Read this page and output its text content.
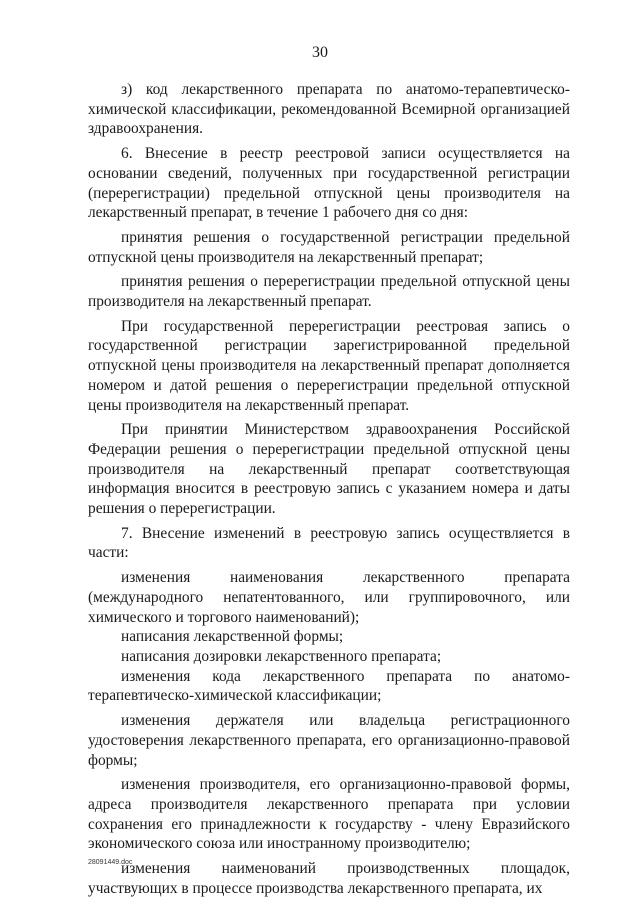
30

з) код лекарственного препарата по анатомо-терапевтическо-химической классификации, рекомендованной Всемирной организацией здравоохранения.

6. Внесение в реестр реестровой записи осуществляется на основании сведений, полученных при государственной регистрации (перерегистрации) предельной отпускной цены производителя на лекарственный препарат, в течение 1 рабочего дня со дня:

принятия решения о государственной регистрации предельной отпускной цены производителя на лекарственный препарат;

принятия решения о перерегистрации предельной отпускной цены производителя на лекарственный препарат.

При государственной перерегистрации реестровая запись о государственной регистрации зарегистрированной предельной отпускной цены производителя на лекарственный препарат дополняется номером и датой решения о перерегистрации предельной отпускной цены производителя на лекарственный препарат.

При принятии Министерством здравоохранения Российской Федерации решения о перерегистрации предельной отпускной цены производителя на лекарственный препарат соответствующая информация вносится в реестровую запись с указанием номера и даты решения о перерегистрации.

7. Внесение изменений в реестровую запись осуществляется в части:

изменения наименования лекарственного препарата (международного непатентованного, или группировочного, или химического и торгового наименований);

написания лекарственной формы;

написания дозировки лекарственного препарата;

изменения кода лекарственного препарата по анатомо-терапевтическо-химической классификации;

изменения держателя или владельца регистрационного удостоверения лекарственного препарата, его организационно-правовой формы;

изменения производителя, его организационно-правовой формы, адреса производителя лекарственного препарата при условии сохранения его принадлежности к государству - члену Евразийского экономического союза или иностранному производителю;

изменения наименований производственных площадок, участвующих в процессе производства лекарственного препарата, их

28091449.doc
